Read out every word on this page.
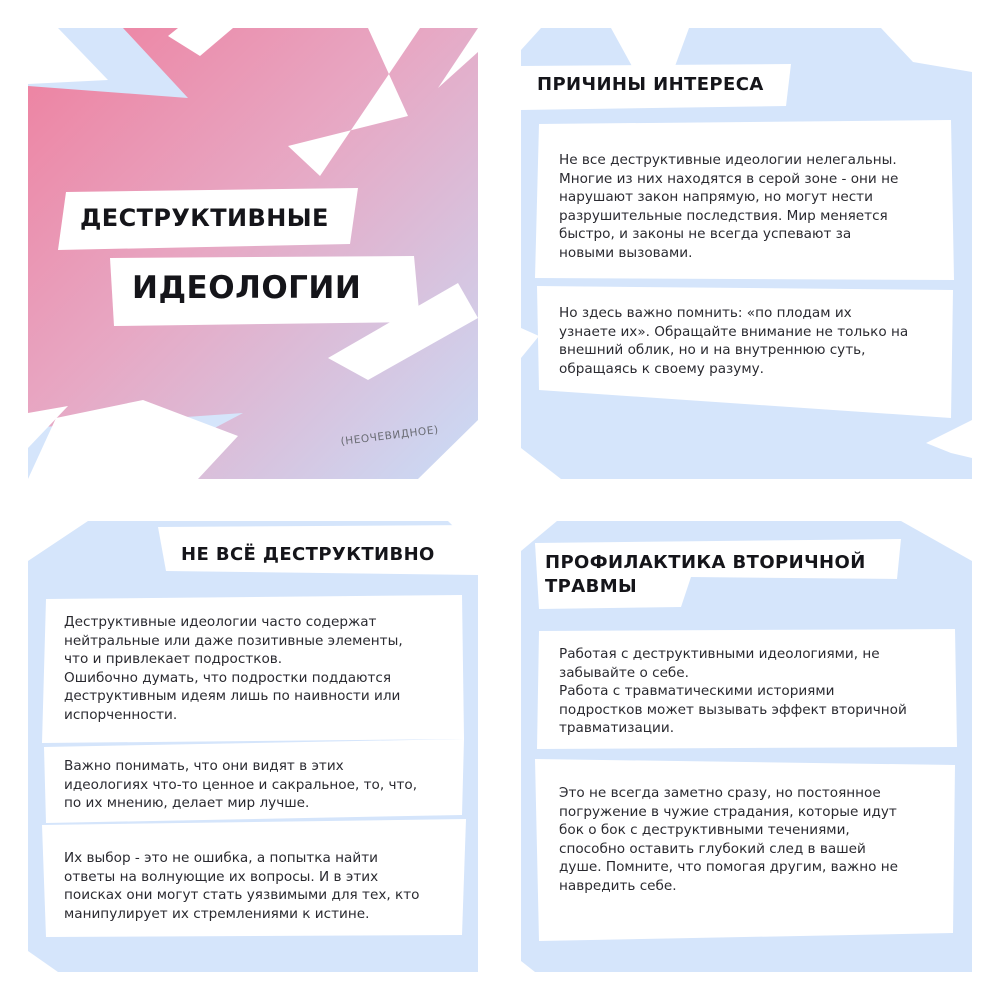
ДЕСТРУКТИВНЫЕ
ИДЕОЛОГИИ
(НЕОЧЕВИДНОЕ)
ПРИЧИНЫ ИНТЕРЕСА
Не все деструктивные идеологии нелегальны.
Многие из них находятся в серой зоне - они не
нарушают закон напрямую, но могут нести
разрушительные последствия. Мир меняется
быстро, и законы не всегда успевают за
новыми вызовами.
Но здесь важно помнить: «по плодам их
узнаете их». Обращайте внимание не только на
внешний облик, но и на внутреннюю суть,
обращаясь к своему разуму.
НЕ ВСЁ ДЕСТРУКТИВНО
Деструктивные идеологии часто содержат
нейтральные или даже позитивные элементы,
что и привлекает подростков.
Ошибочно думать, что подростки поддаются
деструктивным идеям лишь по наивности или
испорченности.
Важно понимать, что они видят в этих
идеологиях что-то ценное и сакральное, то, что,
по их мнению, делает мир лучше.
Их выбор - это не ошибка, а попытка найти
ответы на волнующие их вопросы. И в этих
поисках они могут стать уязвимыми для тех, кто
манипулирует их стремлениями к истине.
ПРОФИЛАКТИКА ВТОРИЧНОЙ
ТРАВМЫ
Работая с деструктивными идеологиями, не
забывайте о себе.
Работа с травматическими историями
подростков может вызывать эффект вторичной
травматизации.
Это не всегда заметно сразу, но постоянное
погружение в чужие страдания, которые идут
бок о бок с деструктивными течениями,
способно оставить глубокий след в вашей
душе. Помните, что помогая другим, важно не
навредить себе.
